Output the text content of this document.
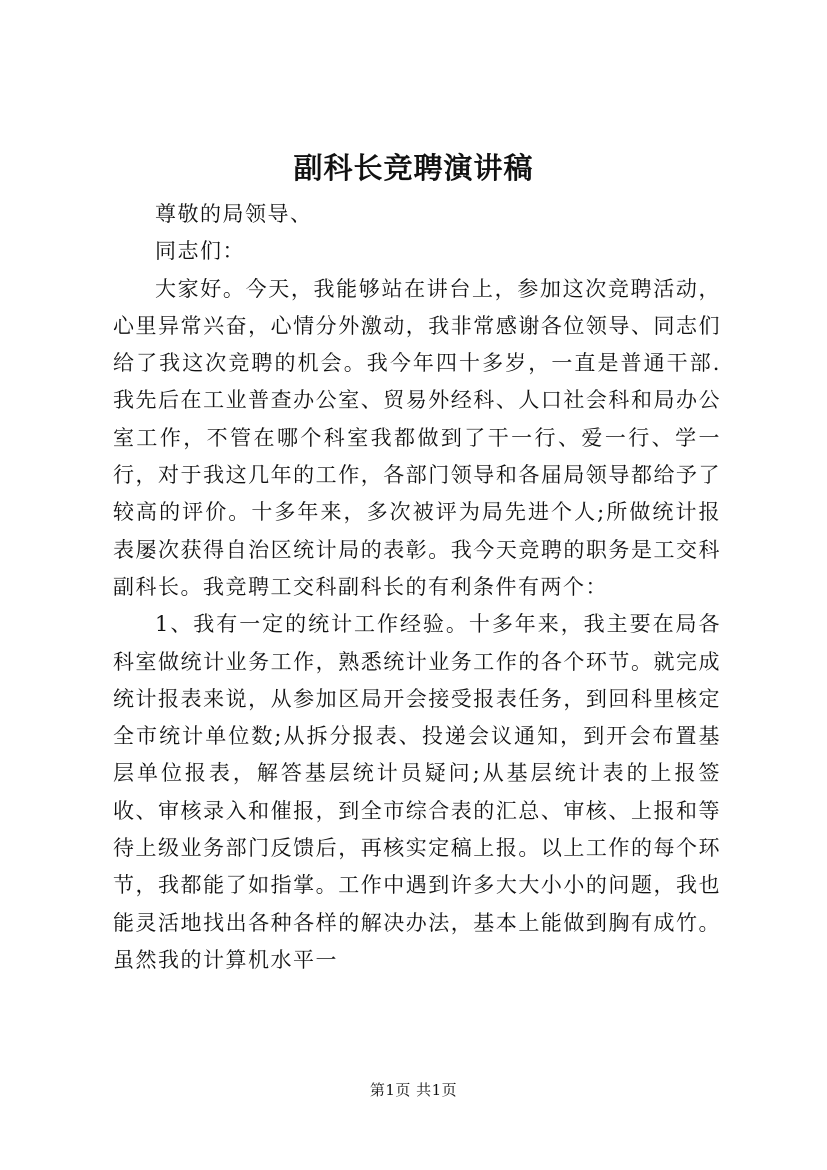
副科长竞聘演讲稿

尊敬的局领导、

同志们：

大家好。今天，我能够站在讲台上，参加这次竞聘活动，心里异常兴奋，心情分外激动，我非常感谢各位领导、同志们给了我这次竞聘的机会。我今年四十多岁，一直是普通干部.我先后在工业普查办公室、贸易外经科、人口社会科和局办公室工作，不管在哪个科室我都做到了干一行、爱一行、学一行，对于我这几年的工作，各部门领导和各届局领导都给予了较高的评价。十多年来，多次被评为局先进个人;所做统计报表屡次获得自治区统计局的表彰。我今天竞聘的职务是工交科副科长。我竞聘工交科副科长的有利条件有两个：

1、我有一定的统计工作经验。十多年来，我主要在局各科室做统计业务工作，熟悉统计业务工作的各个环节。就完成统计报表来说，从参加区局开会接受报表任务，到回科里核定全市统计单位数;从拆分报表、投递会议通知，到开会布置基层单位报表，解答基层统计员疑问;从基层统计表的上报签收、审核录入和催报，到全市综合表的汇总、审核、上报和等待上级业务部门反馈后，再核实定稿上报。以上工作的每个环节，我都能了如指掌。工作中遇到许多大大小小的问题，我也能灵活地找出各种各样的解决办法，基本上能做到胸有成竹。虽然我的计算机水平一

第1页 共1页
